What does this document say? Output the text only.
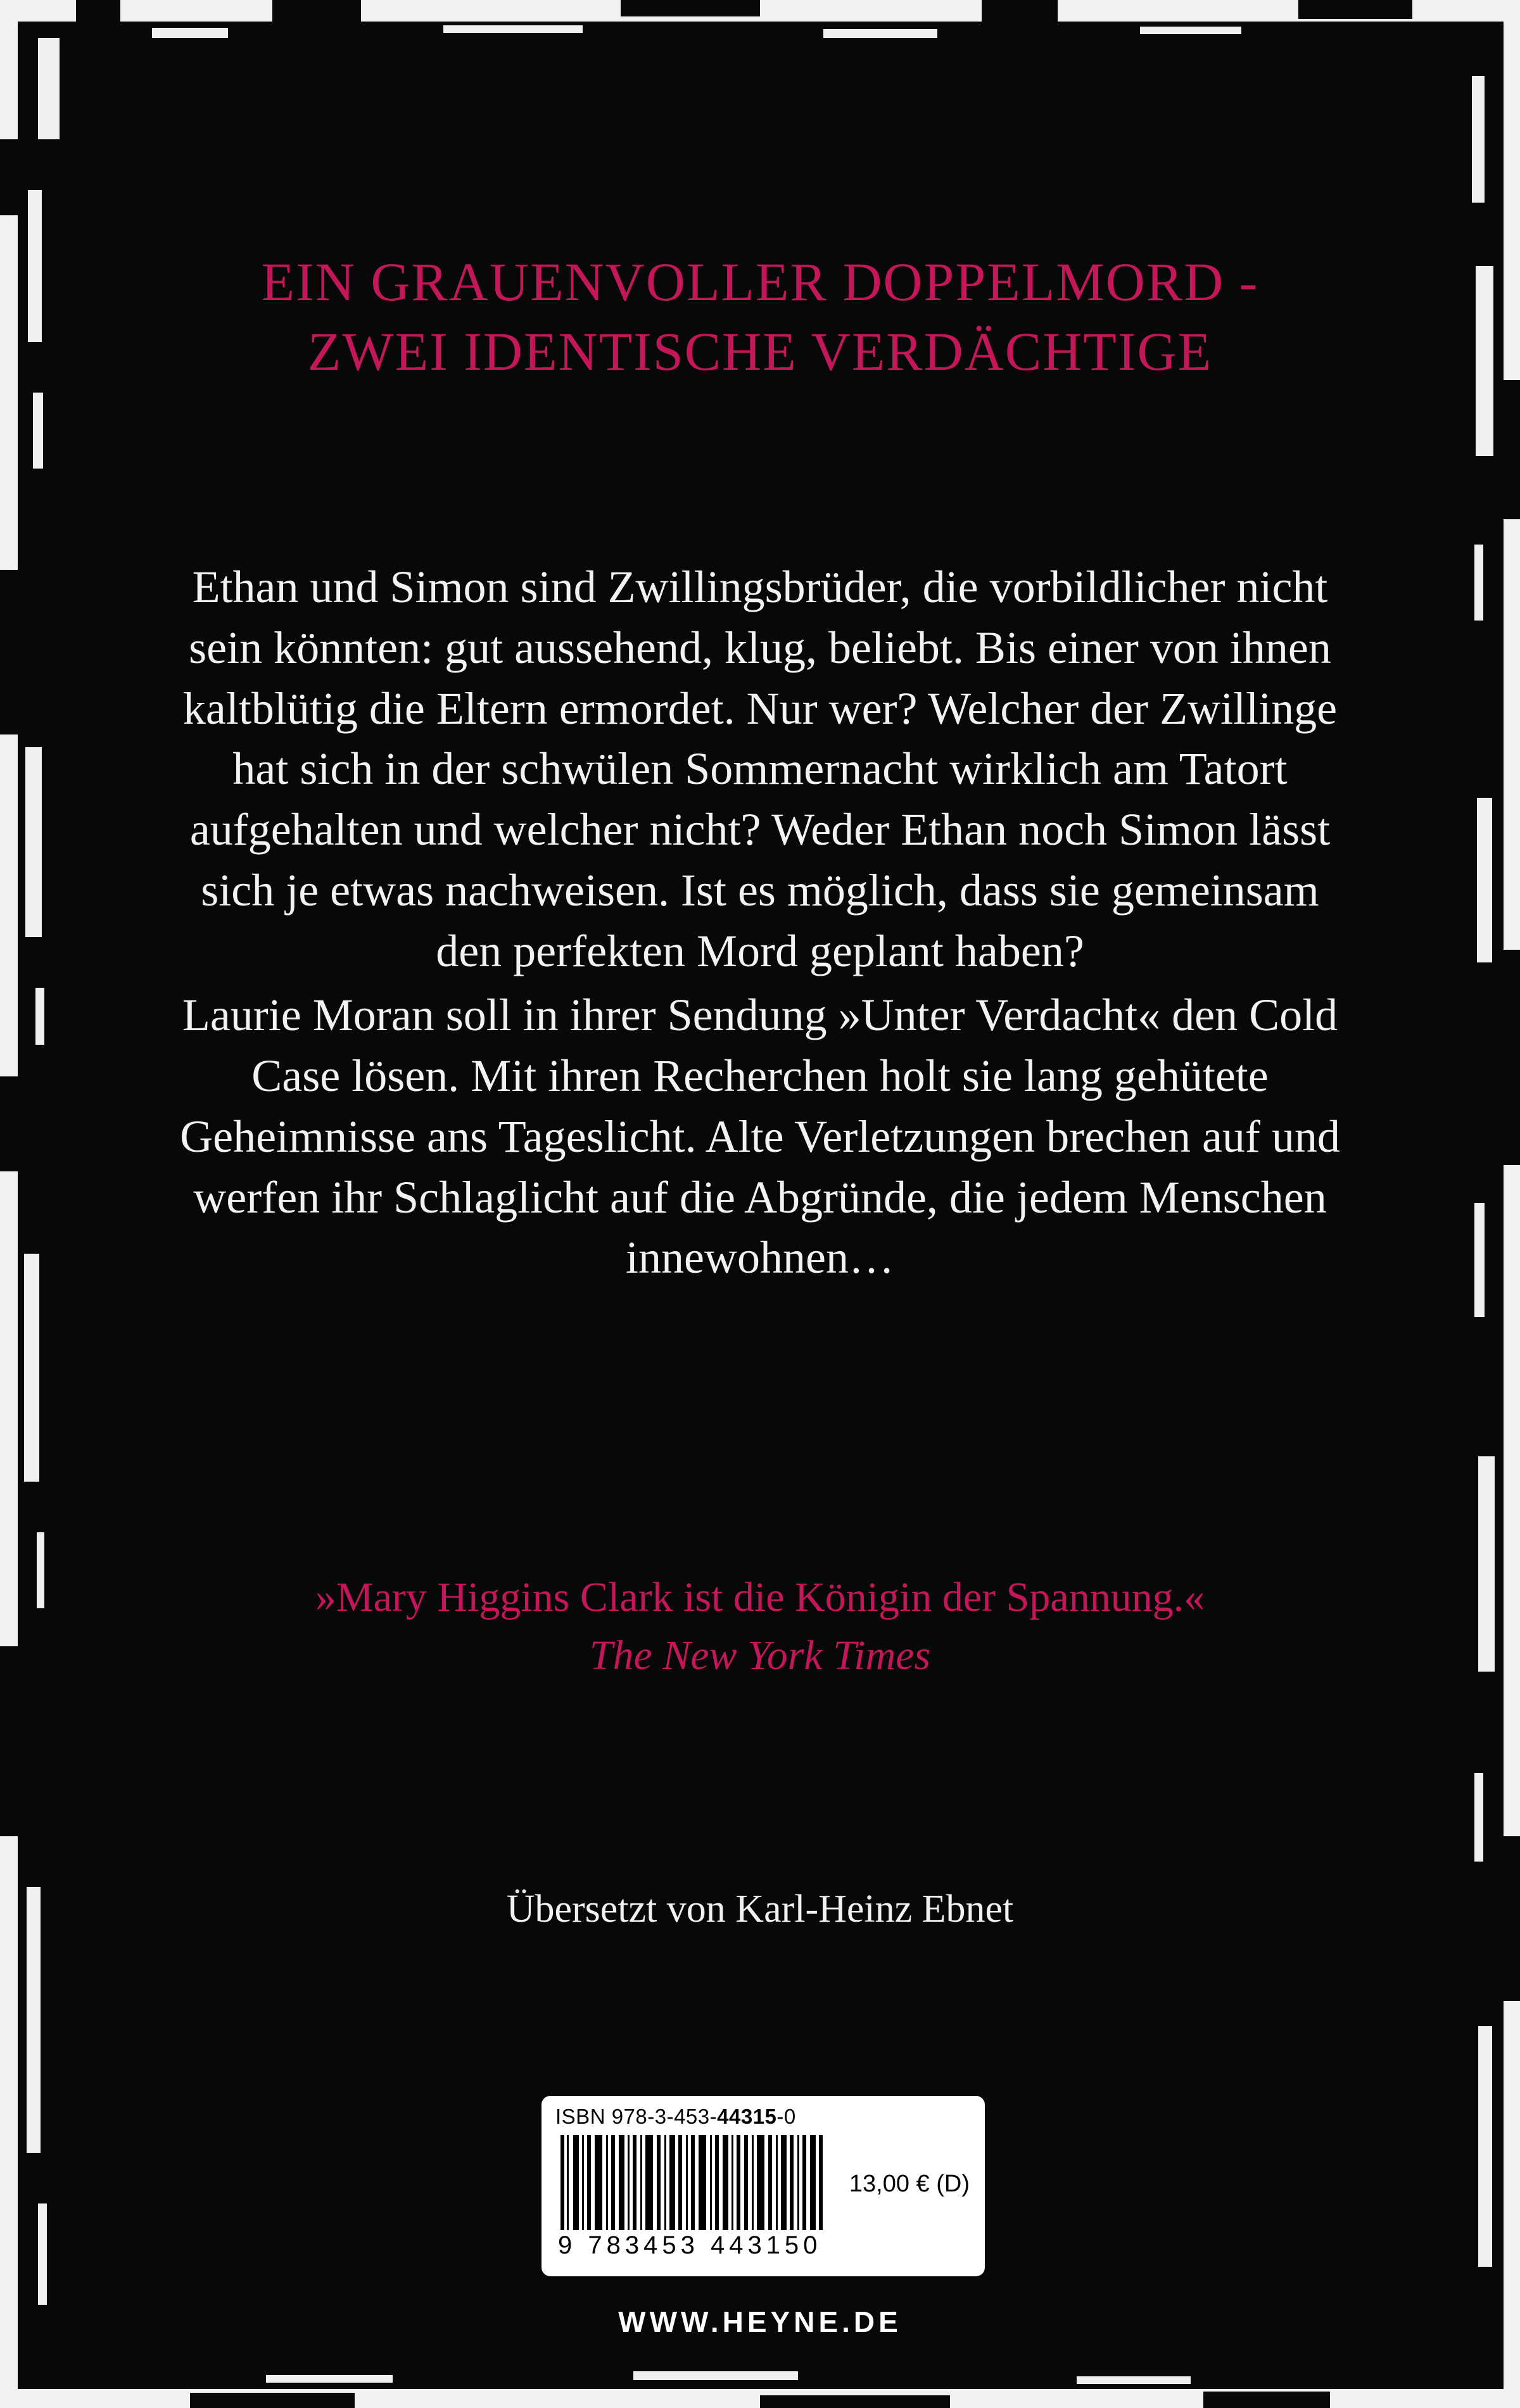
EIN GRAUENVOLLER DOPPELMORD - ZWEI IDENTISCHE VERDÄCHTIGE

Ethan und Simon sind Zwillingsbrüder, die vorbildlicher nicht sein könnten: gut aussehend, klug, beliebt. Bis einer von ihnen kaltblütig die Eltern ermordet. Nur wer? Welcher der Zwillinge hat sich in der schwülen Sommernacht wirklich am Tatort aufgehalten und welcher nicht? Weder Ethan noch Simon lässt sich je etwas nachweisen. Ist es möglich, dass sie gemeinsam den perfekten Mord geplant haben?

Laurie Moran soll in ihrer Sendung »Unter Verdacht« den Cold Case lösen. Mit ihren Recherchen holt sie lang gehütete Geheimnisse ans Tageslicht. Alte Verletzungen brechen auf und werfen ihr Schlaglicht auf die Abgründe, die jedem Menschen innewohnen…

»Mary Higgins Clark ist die Königin der Spannung.«
The New York Times
Übersetzt von Karl-Heinz Ebnet
ISBN 978-3-453-44315-0
13,00 € (D)
9 783453 443150
WWW.HEYNE.DE
